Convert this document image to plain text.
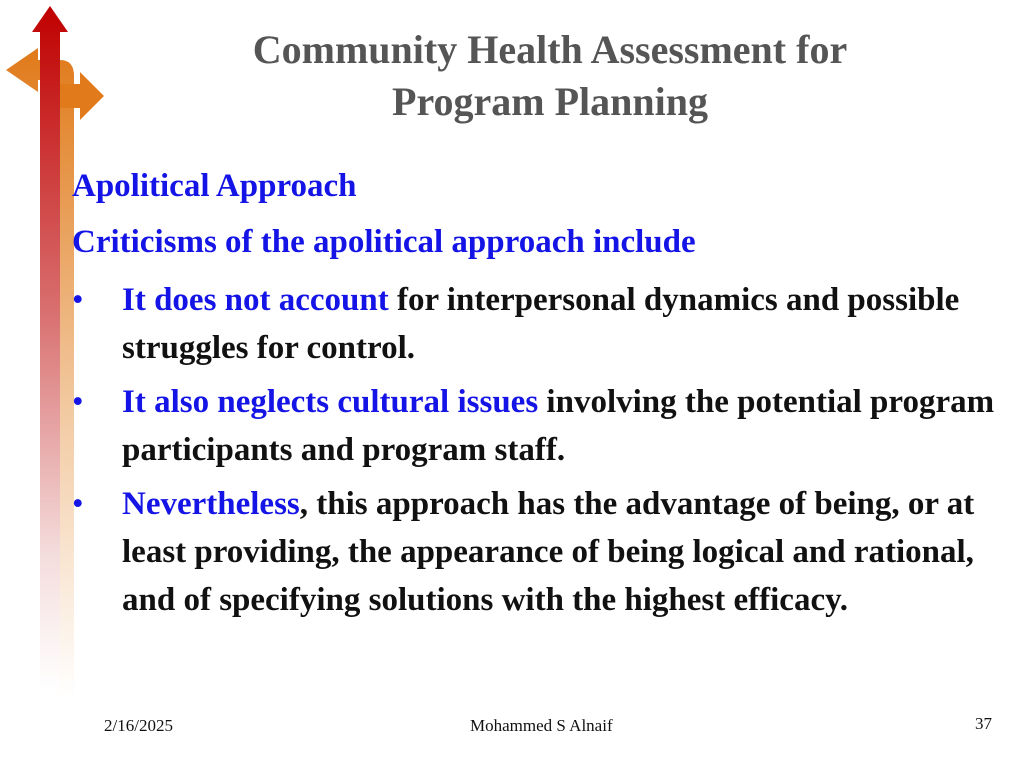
Community Health Assessment for
Program Planning
Apolitical Approach
Criticisms of the apolitical approach include
• It does not account for interpersonal dynamics and possible struggles for control.
• It also neglects cultural issues involving the potential program participants and program staff.
• Nevertheless, this approach has the advantage of being, or at least providing, the appearance of being logical and rational, and of specifying solutions with the highest efficacy.
2/16/2025	Mohammed S Alnaif	37
